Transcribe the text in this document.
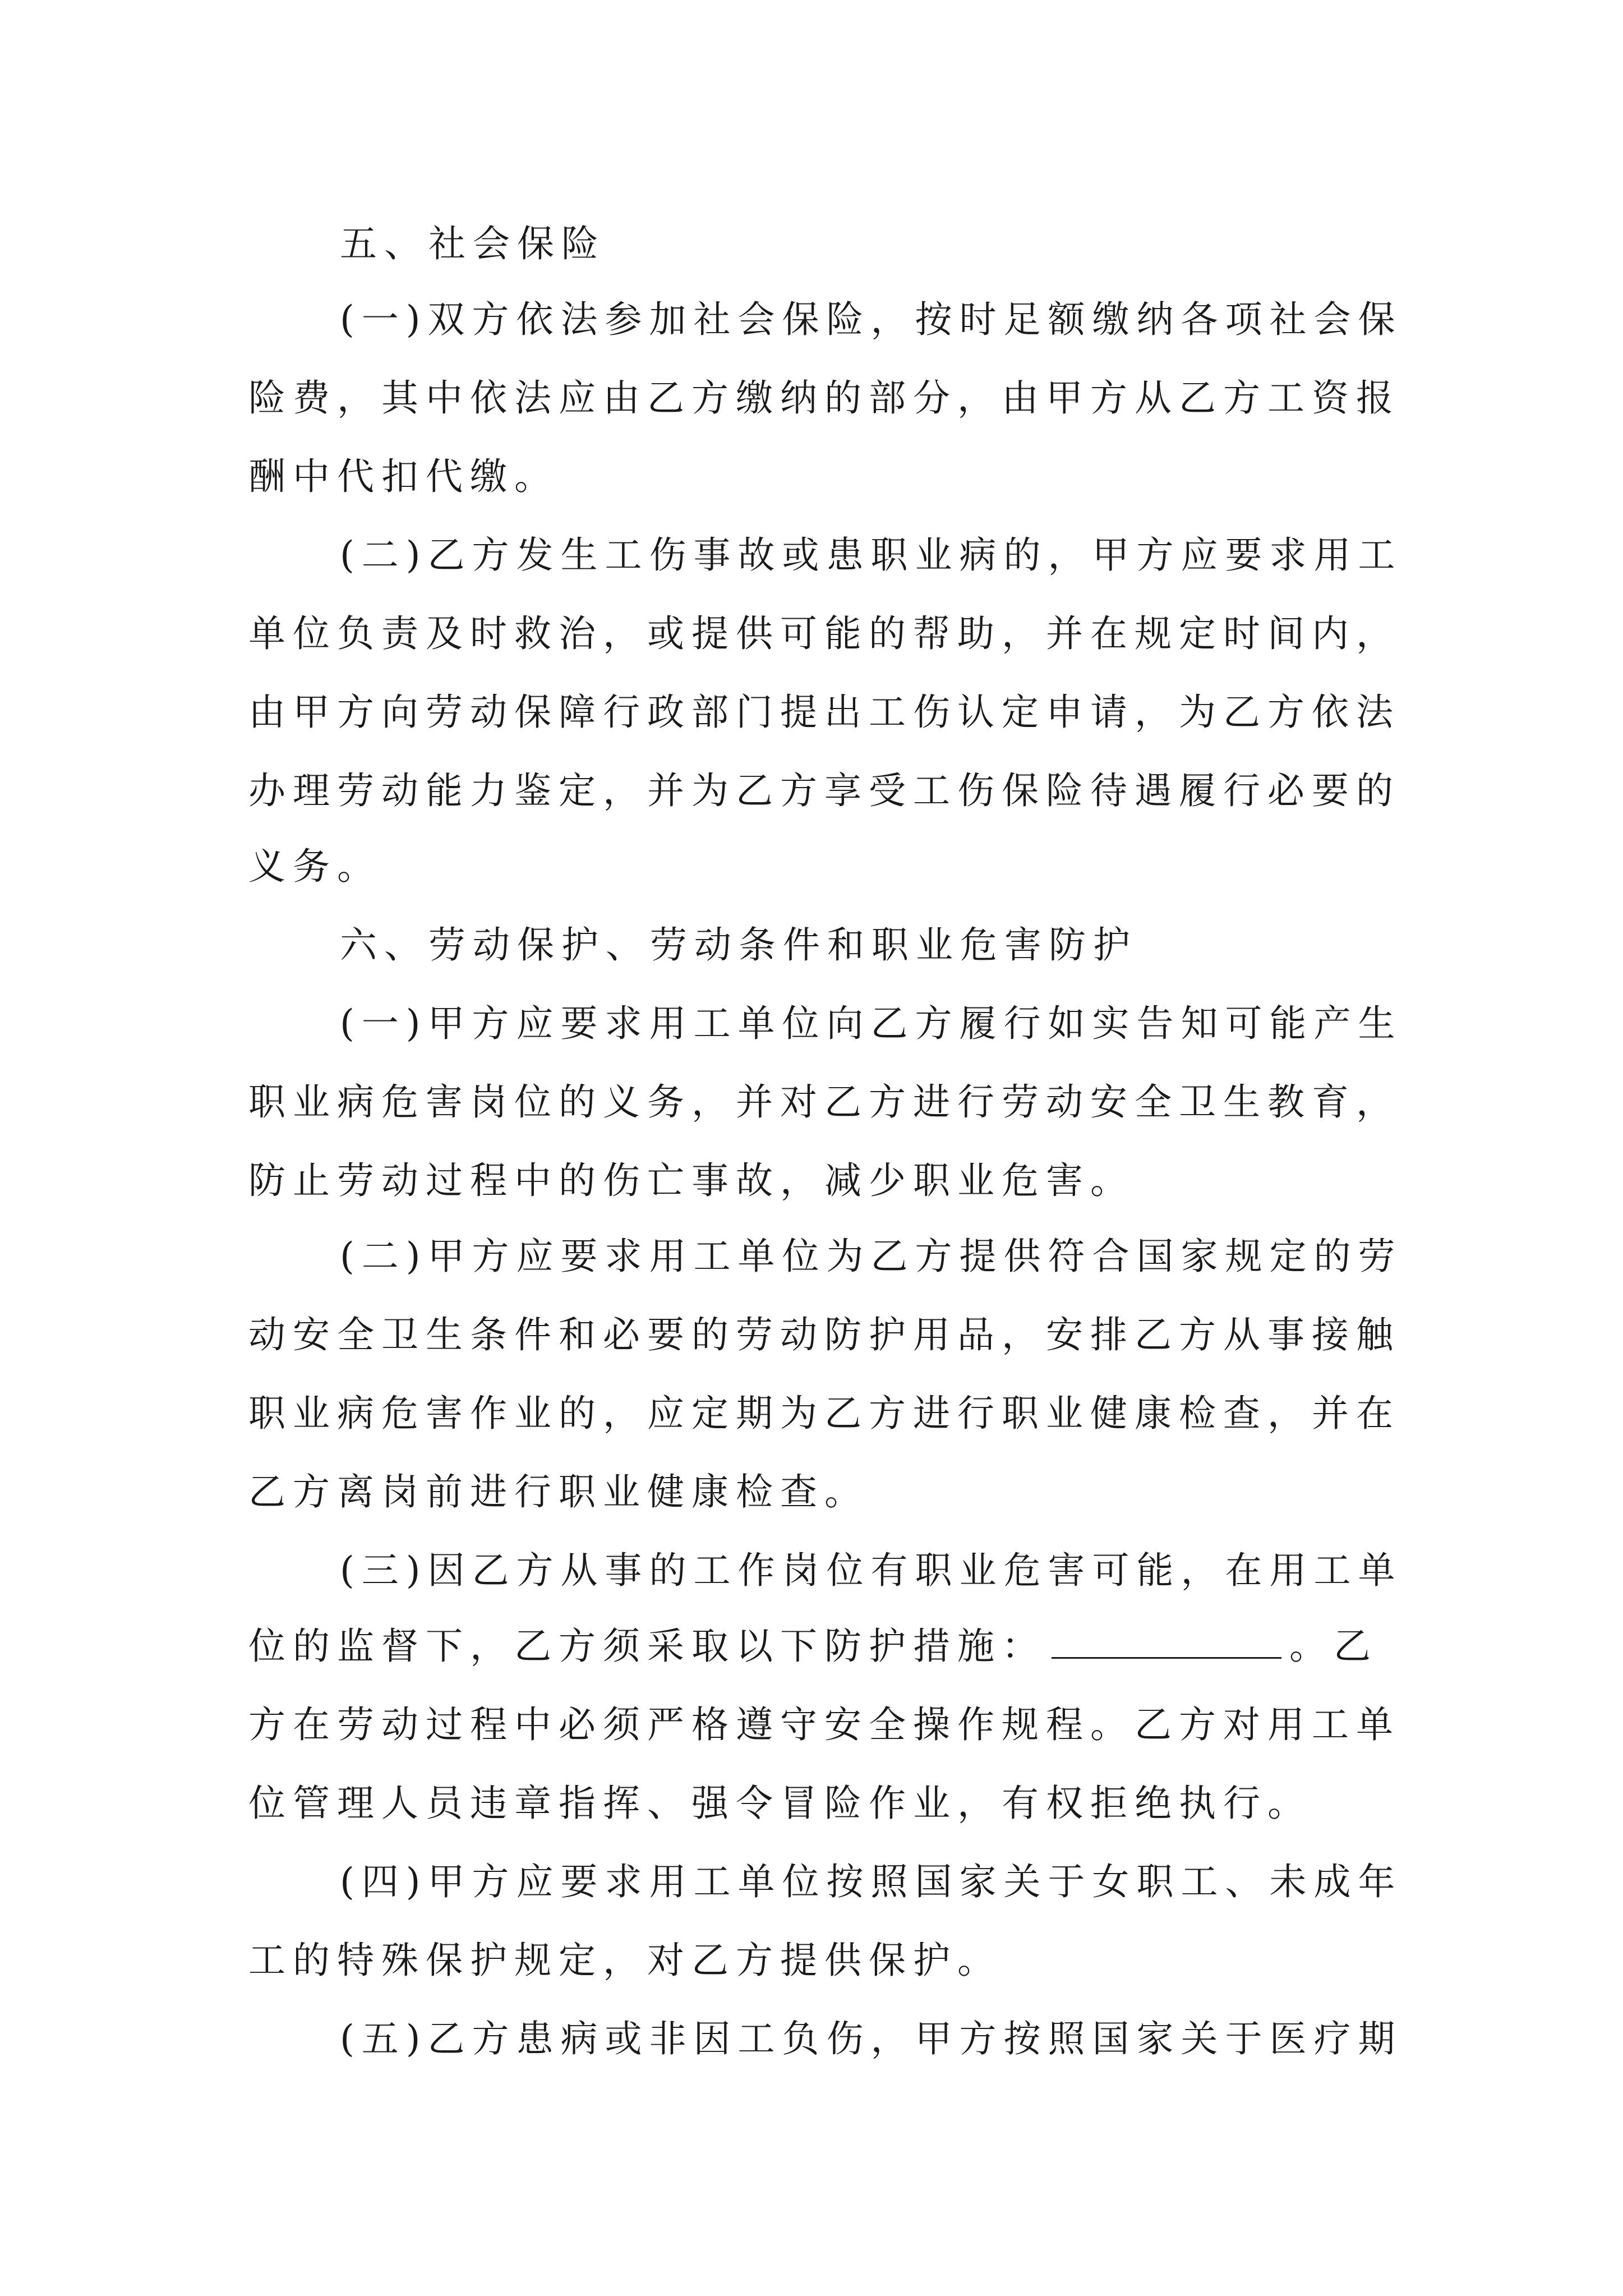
五、社会保险
(一)双方依法参加社会保险，按时足额缴纳各项社会保
险费，其中依法应由乙方缴纳的部分，由甲方从乙方工资报
酬中代扣代缴。
(二)乙方发生工伤事故或患职业病的，甲方应要求用工
单位负责及时救治，或提供可能的帮助，并在规定时间内，
由甲方向劳动保障行政部门提出工伤认定申请，为乙方依法
办理劳动能力鉴定，并为乙方享受工伤保险待遇履行必要的
义务。
六、劳动保护、劳动条件和职业危害防护
(一)甲方应要求用工单位向乙方履行如实告知可能产生
职业病危害岗位的义务，并对乙方进行劳动安全卫生教育，
防止劳动过程中的伤亡事故，减少职业危害。
(二)甲方应要求用工单位为乙方提供符合国家规定的劳
动安全卫生条件和必要的劳动防护用品，安排乙方从事接触
职业病危害作业的，应定期为乙方进行职业健康检查，并在
乙方离岗前进行职业健康检查。
(三)因乙方从事的工作岗位有职业危害可能，在用工单
位的监督下，乙方须采取以下防护措施：	。乙
方在劳动过程中必须严格遵守安全操作规程。乙方对用工单
位管理人员违章指挥、强令冒险作业，有权拒绝执行。
(四)甲方应要求用工单位按照国家关于女职工、未成年
工的特殊保护规定，对乙方提供保护。
(五)乙方患病或非因工负伤，甲方按照国家关于医疗期
